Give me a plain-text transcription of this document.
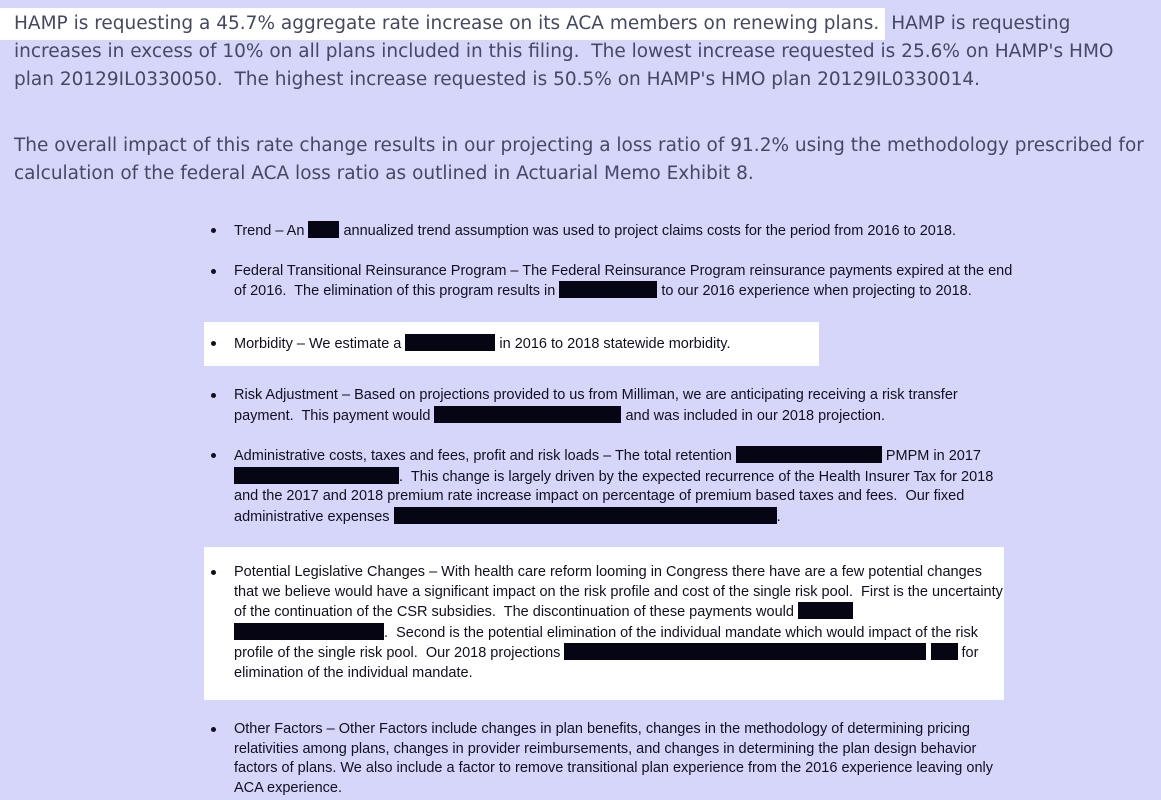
HAMP is requesting a 45.7% aggregate rate increase on its ACA members on renewing plans. HAMP is requesting increases in excess of 10% on all plans included in this filing.  The lowest increase requested is 25.6% on HAMP's HMO plan 20129IL0330050.  The highest increase requested is 50.5% on HAMP's HMO plan 20129IL0330014.

The overall impact of this rate change results in our projecting a loss ratio of 91.2% using the methodology prescribed for calculation of the federal ACA loss ratio as outlined in Actuarial Memo Exhibit 8.

Trend – An  annualized trend assumption was used to project claims costs for the period from 2016 to 2018.
Federal Transitional Reinsurance Program – The Federal Reinsurance Program reinsurance payments expired at the end of 2016.  The elimination of this program results in	to our 2016 experience when projecting to 2018.
Morbidity – We estimate a	in 2016 to 2018 statewide morbidity.
Risk Adjustment – Based on projections provided to us from Milliman, we are anticipating receiving a risk transfer payment.  This payment would	and was included in our 2018 projection.
Administrative costs, taxes and fees, profit and risk loads – The total retention	PMPM in 2017 .  This change is largely driven by the expected recurrence of the Health Insurer Tax for 2018 and the 2017 and 2018 premium rate increase impact on percentage of premium based taxes and fees.  Our fixed administrative expenses	.
Potential Legislative Changes – With health care reform looming in Congress there have are a few potential changes that we believe would have a significant impact on the risk profile and cost of the single risk pool.  First is the uncertainty of the continuation of the CSR subsidies.  The discontinuation of these payments would  .  Second is the potential elimination of the individual mandate which would impact of the risk profile of the single risk pool.  Our 2018 projections	for elimination of the individual mandate.
Other Factors – Other Factors include changes in plan benefits, changes in the methodology of determining pricing relativities among plans, changes in provider reimbursements, and changes in determining the plan design behavior factors of plans. We also include a factor to remove transitional plan experience from the 2016 experience leaving only ACA experience.
